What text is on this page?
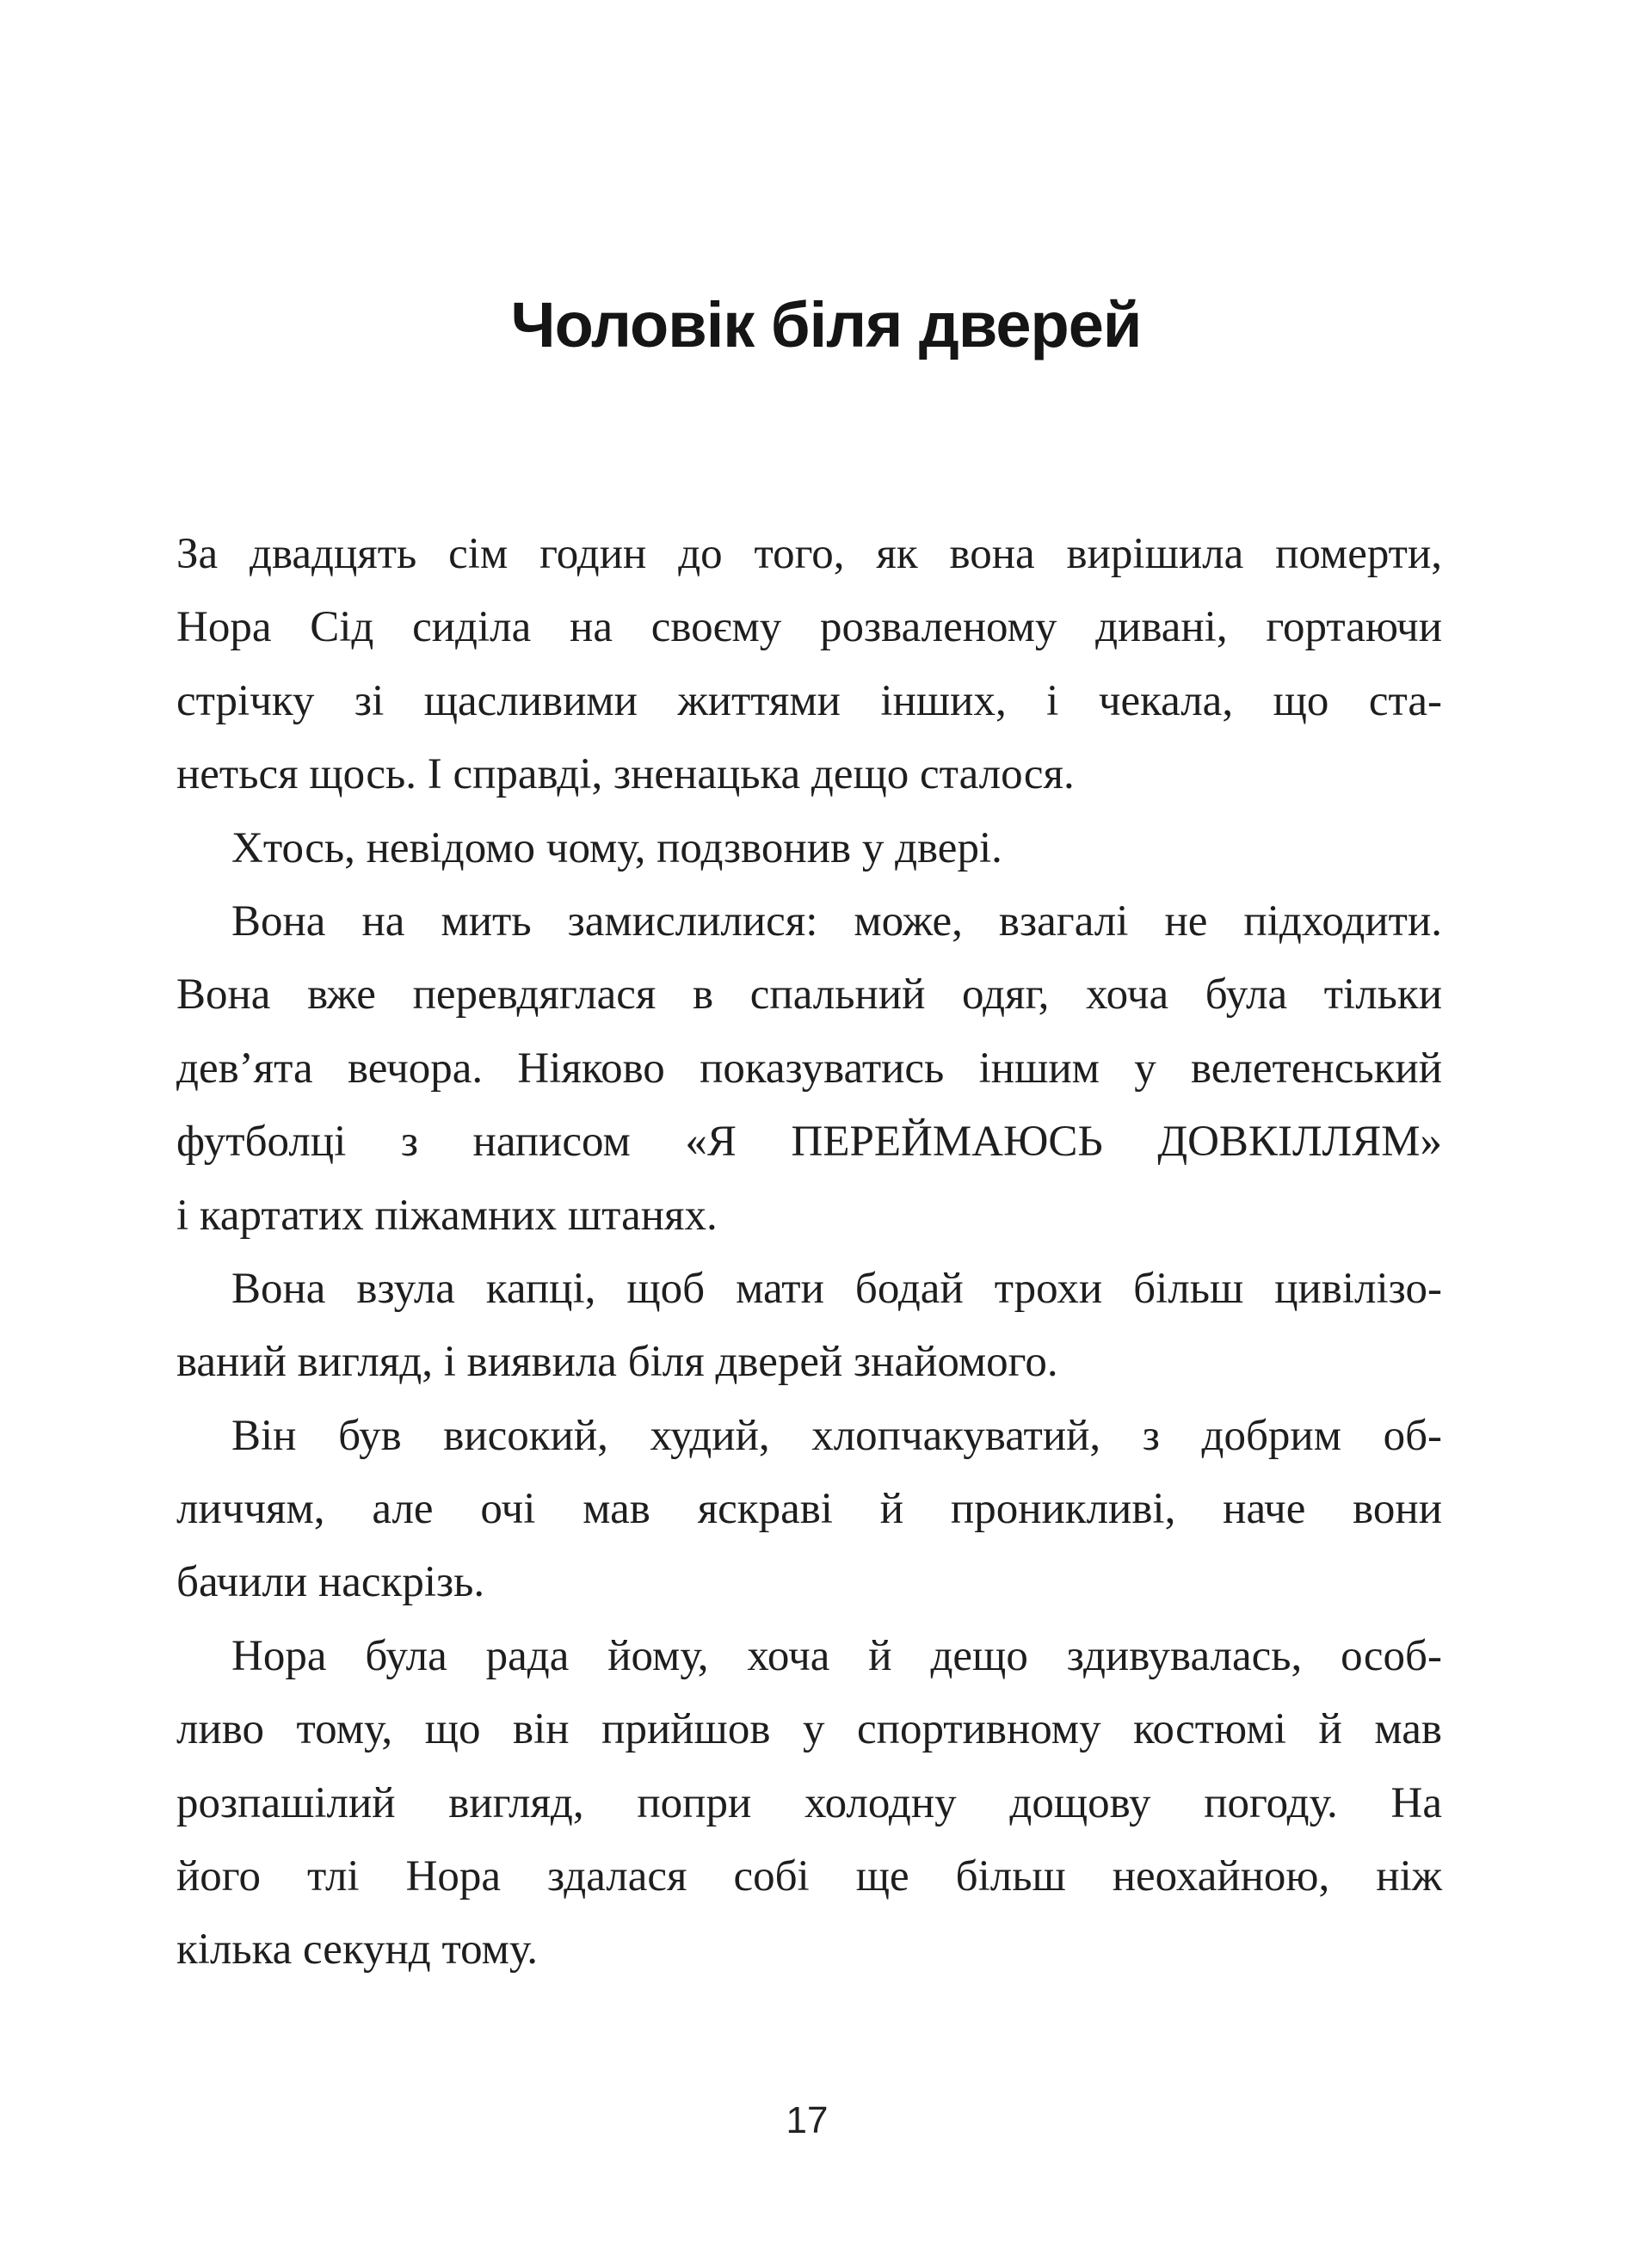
Чоловік біля дверей
За двадцять сім годин до того, як вона вирішила померти,
Нора Сід сиділа на своєму розваленому дивані, гортаючи
стрічку зі щасливими життями інших, і чекала, що ста-
неться щось. І справді, зненацька дещо сталося.
Хтось, невідомо чому, подзвонив у двері.
Вона на мить замислилися: може, взагалі не підходити.
Вона вже перевдяглася в спальний одяг, хоча була тільки
дев’ята вечора. Ніяково показуватись іншим у велетенський
футболці з написом «Я ПЕРЕЙМАЮСЬ ДОВКІЛЛЯМ»
і картатих піжамних штанях.
Вона взула капці, щоб мати бодай трохи більш цивілізо-
ваний вигляд, і виявила біля дверей знайомого.
Він був високий, худий, хлопчакуватий, з добрим об-
личчям, але очі мав яскраві й проникливі, наче вони
бачили наскрізь.
Нора була рада йому, хоча й дещо здивувалась, особ-
ливо тому, що він прийшов у спортивному костюмі й мав
розпашілий вигляд, попри холодну дощову погоду. На
його тлі Нора здалася собі ще більш неохайною, ніж
кілька секунд тому.
17
